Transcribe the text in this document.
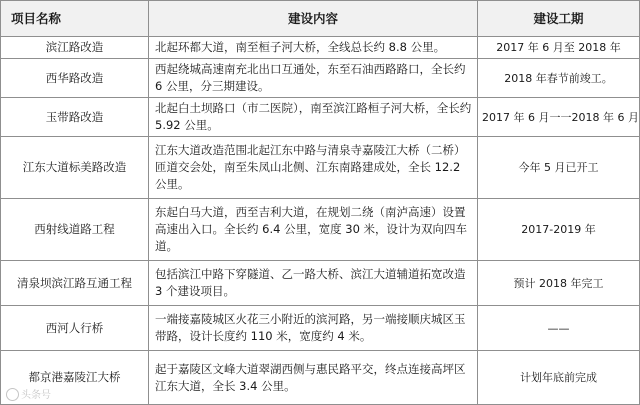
项目名称	建设内容	建设工期
滨江路改造	北起环都大道，南至桓子河大桥，全线总长约 8.8 公里。	2017 年 6 月至 2018 年
西华路改造	西起绕城高速南充北出口互通处，东至石油西路路口，全长约 6 公里，分三期建设。	2018 年春节前竣工。
玉带路改造	北起白土坝路口（市二医院），南至滨江路桓子河大桥，全长约 5.92 公里。	2017 年 6 月一一2018 年 6 月
江东大道标美路改造	江东大道改造范围北起江东中路与清泉寺嘉陵江大桥（二桥）匝道交会处，南至朱凤山北侧、江东南路建成处，全长 12.2 公里。	今年 5 月已开工
西射线道路工程	东起白马大道，西至吉利大道，在规划二绕（南泸高速）设置高速出入口。全长约 6.4 公里，宽度 30 米，设计为双向四车道。	2017-2019 年
清泉坝滨江路互通工程	包括滨江中路下穿隧道、乙一路大桥、滨江大道辅道拓宽改造 3 个建设项目。	预计 2018 年完工
西河人行桥	一端接嘉陵城区火花三小附近的滨河路，另一端接顺庆城区玉带路，设计长度约 110 米，宽度约 4 米。	——
都京港嘉陵江大桥	起于嘉陵区文峰大道翠湖西侧与惠民路平交，终点连接高坪区江东大道，全长 3.4 公里。	计划年底前完成
头条号
